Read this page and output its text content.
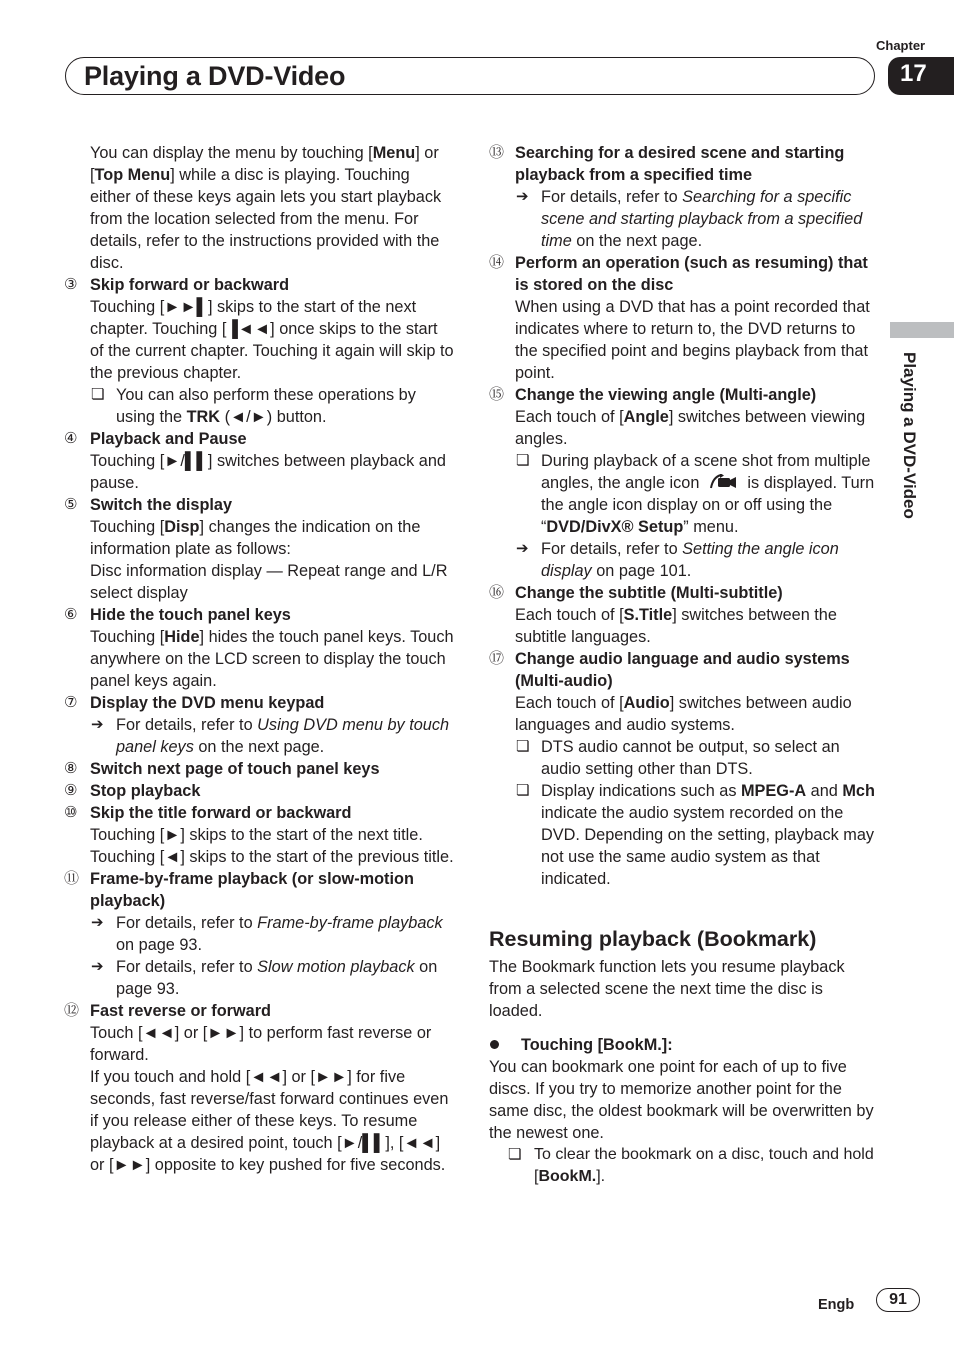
Chapter
Playing a DVD-Video	17
Playing a DVD-Video

You can display the menu by touching [Menu] or [Top Menu] while a disc is playing. Touching either of these keys again lets you start playback from the location selected from the menu. For details, refer to the instructions provided with the disc.

③ Skip forward or backward

Touching [►►▌] skips to the start of the next chapter. Touching [▐◄◄] once skips to the start of the current chapter. Touching it again will skip to the previous chapter.

❏ You can also perform these operations by using the TRK (◄/►) button.
④ Playback and Pause

Touching [►/▌▌] switches between playback and pause.

⑤ Switch the display

Touching [Disp] changes the indication on the information plate as follows:

Disc information display — Repeat range and L/R select display

⑥ Hide the touch panel keys

Touching [Hide] hides the touch panel keys. Touch anywhere on the LCD screen to display the touch panel keys again.

⑦ Display the DVD menu keypad
➔ For details, refer to Using DVD menu by touch panel keys on the next page.
⑧ Switch next page of touch panel keys
⑨ Stop playback
⑩ Skip the title forward or backward

Touching [►] skips to the start of the next title. Touching [◄] skips to the start of the previous title.

⑪ Frame-by-frame playback (or slow-motion playback)
➔ For details, refer to Frame-by-frame playback on page 93.
➔ For details, refer to Slow motion playback on page 93.
⑫ Fast reverse or forward

Touch [◄◄] or [►►] to perform fast reverse or forward.

If you touch and hold [◄◄] or [►►] for five seconds, fast reverse/fast forward continues even if you release either of these keys. To resume playback at a desired point, touch [►/▌▌], [◄◄] or [►►] opposite to key pushed for five seconds.

⑬ Searching for a desired scene and starting playback from a specified time
➔ For details, refer to Searching for a specific scene and starting playback from a specified time on the next page.
⑭ Perform an operation (such as resuming) that is stored on the disc

When using a DVD that has a point recorded that indicates where to return to, the DVD returns to the specified point and begins playback from that point.

⑮ Change the viewing angle (Multi-angle)

Each touch of [Angle] switches between viewing angles.

❏ During playback of a scene shot from multiple angles, the angle icon	is displayed. Turn the angle icon display on or off using the “DVD/DivX® Setup” menu.
➔ For details, refer to Setting the angle icon display on page 101.
⑯ Change the subtitle (Multi-subtitle)

Each touch of [S.Title] switches between the subtitle languages.

⑰ Change audio language and audio systems (Multi-audio)

Each touch of [Audio] switches between audio languages and audio systems.

❏ DTS audio cannot be output, so select an audio setting other than DTS.
❏ Display indications such as MPEG-A and Mch indicate the audio system recorded on the DVD. Depending on the setting, playback may not use the same audio system as that indicated.
Resuming playback (Bookmark)

The Bookmark function lets you resume playback from a selected scene the next time the disc is loaded.

Touching [BookM.]:

You can bookmark one point for each of up to five discs. If you try to memorize another point for the same disc, the oldest bookmark will be overwritten by the newest one.

❏ To clear the bookmark on a disc, touch and hold [BookM.].
Engb	91
